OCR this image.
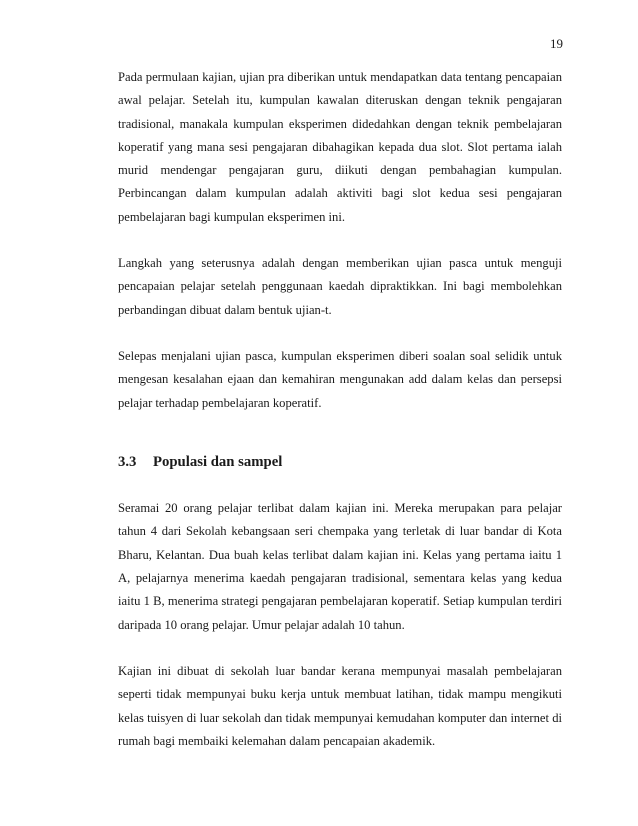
19

Pada permulaan kajian, ujian pra diberikan untuk mendapatkan data tentang pencapaian awal pelajar. Setelah itu, kumpulan kawalan diteruskan dengan teknik pengajaran tradisional, manakala kumpulan eksperimen didedahkan dengan teknik pembelajaran koperatif yang mana sesi pengajaran dibahagikan kepada dua slot. Slot pertama ialah murid mendengar pengajaran guru, diikuti dengan pembahagian kumpulan. Perbincangan dalam kumpulan adalah aktiviti bagi slot kedua sesi pengajaran pembelajaran bagi kumpulan eksperimen ini.

Langkah yang seterusnya adalah dengan memberikan ujian pasca untuk menguji pencapaian pelajar setelah penggunaan kaedah dipraktikkan. Ini bagi membolehkan perbandingan dibuat dalam bentuk ujian-t.

Selepas menjalani ujian pasca, kumpulan eksperimen diberi soalan soal selidik untuk mengesan kesalahan ejaan dan kemahiran mengunakan add dalam kelas dan persepsi pelajar terhadap pembelajaran koperatif.

3.3 Populasi dan sampel

Seramai 20 orang pelajar terlibat dalam kajian ini. Mereka merupakan para pelajar tahun 4 dari Sekolah kebangsaan seri chempaka yang terletak di luar bandar di Kota Bharu, Kelantan. Dua buah kelas terlibat dalam kajian ini. Kelas yang pertama iaitu 1 A, pelajarnya menerima kaedah pengajaran tradisional, sementara kelas yang kedua iaitu 1 B, menerima strategi pengajaran pembelajaran koperatif. Setiap kumpulan terdiri daripada 10 orang pelajar. Umur pelajar adalah 10 tahun.

Kajian ini dibuat di sekolah luar bandar kerana mempunyai masalah pembelajaran seperti tidak mempunyai buku kerja untuk membuat latihan, tidak mampu mengikuti kelas tuisyen di luar sekolah dan tidak mempunyai kemudahan komputer dan internet di rumah bagi membaiki kelemahan dalam pencapaian akademik.
